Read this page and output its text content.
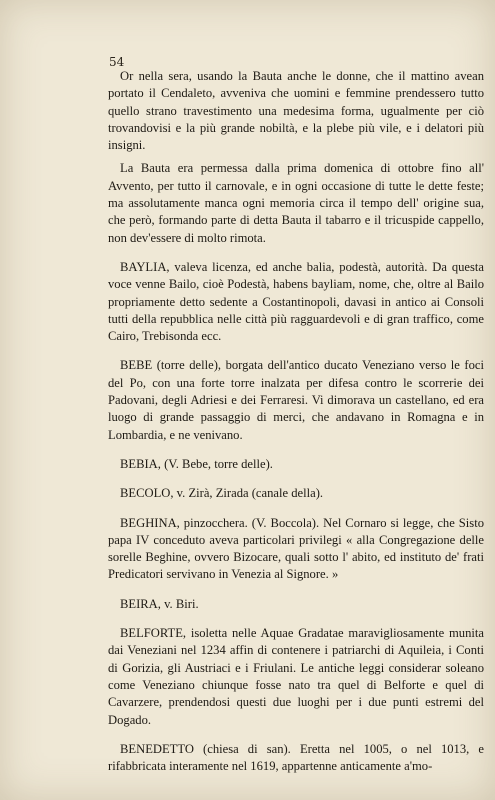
54

Or nella sera, usando la Bauta anche le donne, che il mattino avean portato il Cendaleto, avveniva che uomini e femmine prendessero tutto quello strano travestimento una medesima forma, ugualmente per ciò trovandovisi e la più grande nobiltà, e la plebe più vile, e i delatori più insigni.

La Bauta era permessa dalla prima domenica di ottobre fino all' Avvento, per tutto il carnovale, e in ogni occasione di tutte le dette feste; ma assolutamente manca ogni memoria circa il tempo dell' origine sua, che però, formando parte di detta Bauta il tabarro e il tricuspide cappello, non dev'essere di molto rimota.

BAYLIA, valeva licenza, ed anche balia, podestà, autorità. Da questa voce venne Bailo, cioè Podestà, habens bayliam, nome, che, oltre al Bailo propriamente detto sedente a Costantinopoli, davasi in antico ai Consoli tutti della repubblica nelle città più ragguardevoli e di gran traffico, come Cairo, Trebisonda ecc.

BEBE (torre delle), borgata dell'antico ducato Veneziano verso le foci del Po, con una forte torre inalzata per difesa contro le scorrerie dei Padovani, degli Adriesi e dei Ferraresi. Vi dimorava un castellano, ed era luogo di grande passaggio di merci, che andavano in Romagna e in Lombardia, e ne venivano.

BEBIA, (V. Bebe, torre delle).

BECOLO, v. Zirà, Zirada (canale della).

BEGHINA, pinzocchera. (V. Boccola). Nel Cornaro si legge, che Sisto papa IV conceduto aveva particolari privilegi « alla Congregazione delle sorelle Beghine, ovvero Bizocare, quali sotto l' abito, ed instituto de' frati Predicatori servivano in Venezia al Signore. »

BEIRA, v. Biri.

BELFORTE, isoletta nelle Aquae Gradatae maravigliosamente munita dai Veneziani nel 1234 affin di contenere i patriarchi di Aquileia, i Conti di Gorizia, gli Austriaci e i Friulani. Le antiche leggi considerar soleano come Veneziano chiunque fosse nato tra quel di Belforte e quel di Cavarzere, prendendosi questi due luoghi per i due punti estremi del Dogado.

BENEDETTO (chiesa di san). Eretta nel 1005, o nel 1013, e rifabbricata interamente nel 1619, appartenne anticamente a'mo-
